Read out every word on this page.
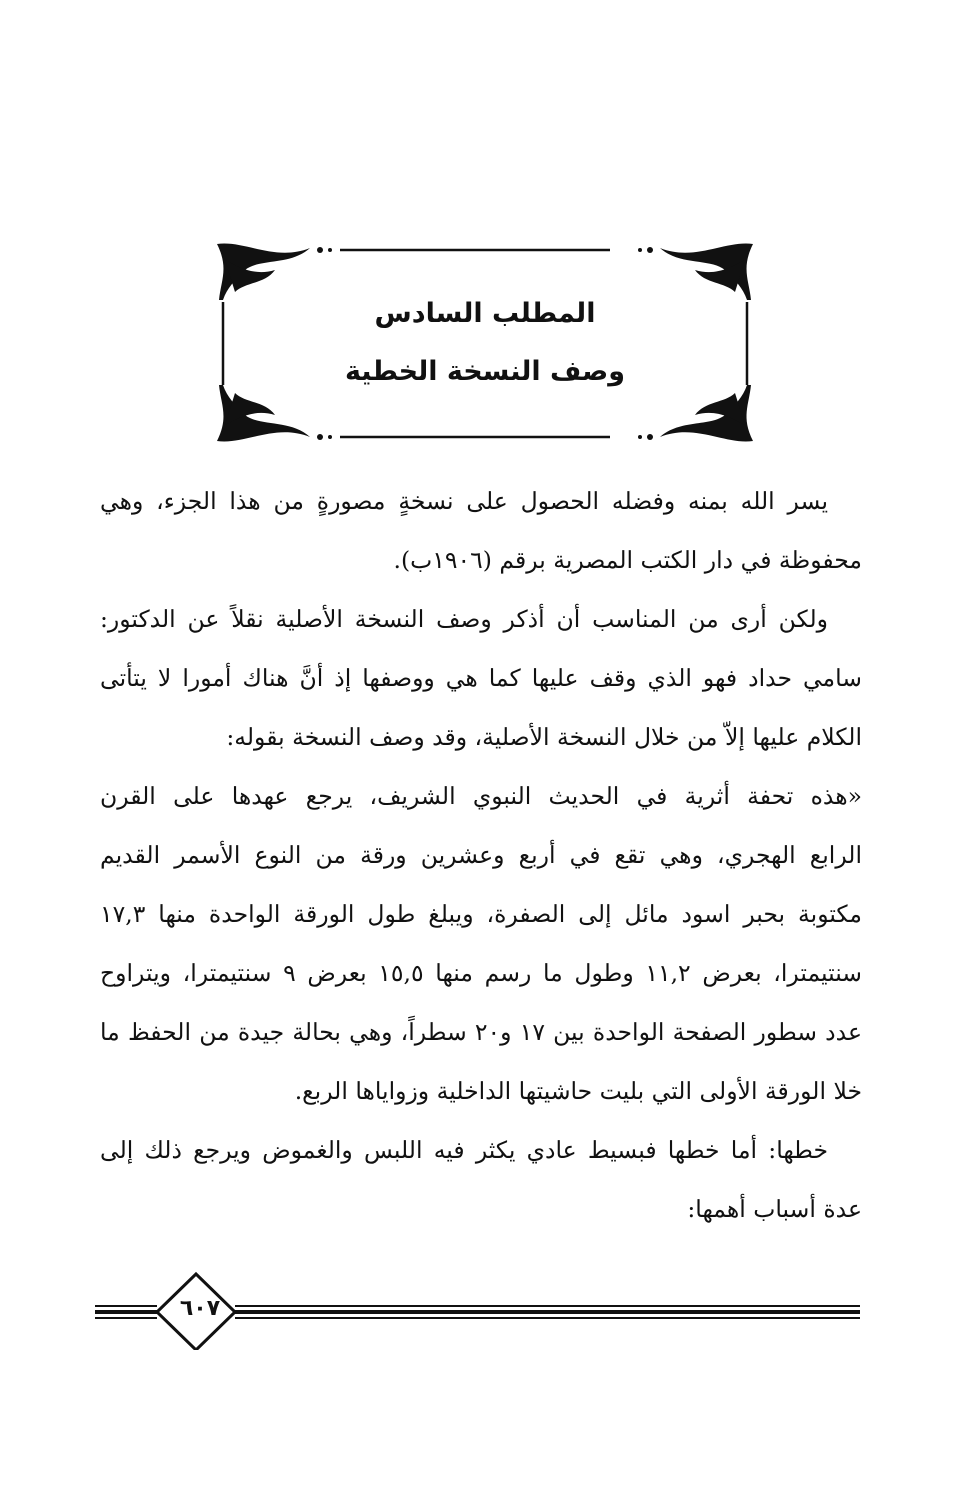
المطلب السادس
وصف النسخة الخطية
يسر الله بمنه وفضله الحصول على نسخةٍ مصورةٍ من هذا الجزء، وهي
محفوظة في دار الكتب المصرية برقم (١٩٠٦ب).
ولكن أرى من المناسب أن أذكر وصف النسخة الأصلية نقلاً عن الدكتور:
سامي حداد فهو الذي وقف عليها كما هي ووصفها إذ أنَّ هناك أمورا لا يتأتى
الكلام عليها إلاّ من خلال النسخة الأصلية، وقد وصف النسخة بقوله:
«هذه تحفة أثرية في الحديث النبوي الشريف، يرجع عهدها على القرن
الرابع الهجري، وهي تقع في أربع وعشرين ورقة من النوع الأسمر القديم
مكتوبة بحبر اسود مائل إلى الصفرة، ويبلغ طول الورقة الواحدة منها ١٧,٣
سنتيمترا، بعرض ١١,٢ وطول ما رسم منها ١٥,٥ بعرض ٩ سنتيمترا، ويتراوح
عدد سطور الصفحة الواحدة بين ١٧ و٢٠ سطراً، وهي بحالة جيدة من الحفظ ما
خلا الورقة الأولى التي بليت حاشيتها الداخلية وزواياها الربع.
خطها: أما خطها فبسيط عادي يكثر فيه اللبس والغموض ويرجع ذلك إلى
عدة أسباب أهمها:
٦٠٧
